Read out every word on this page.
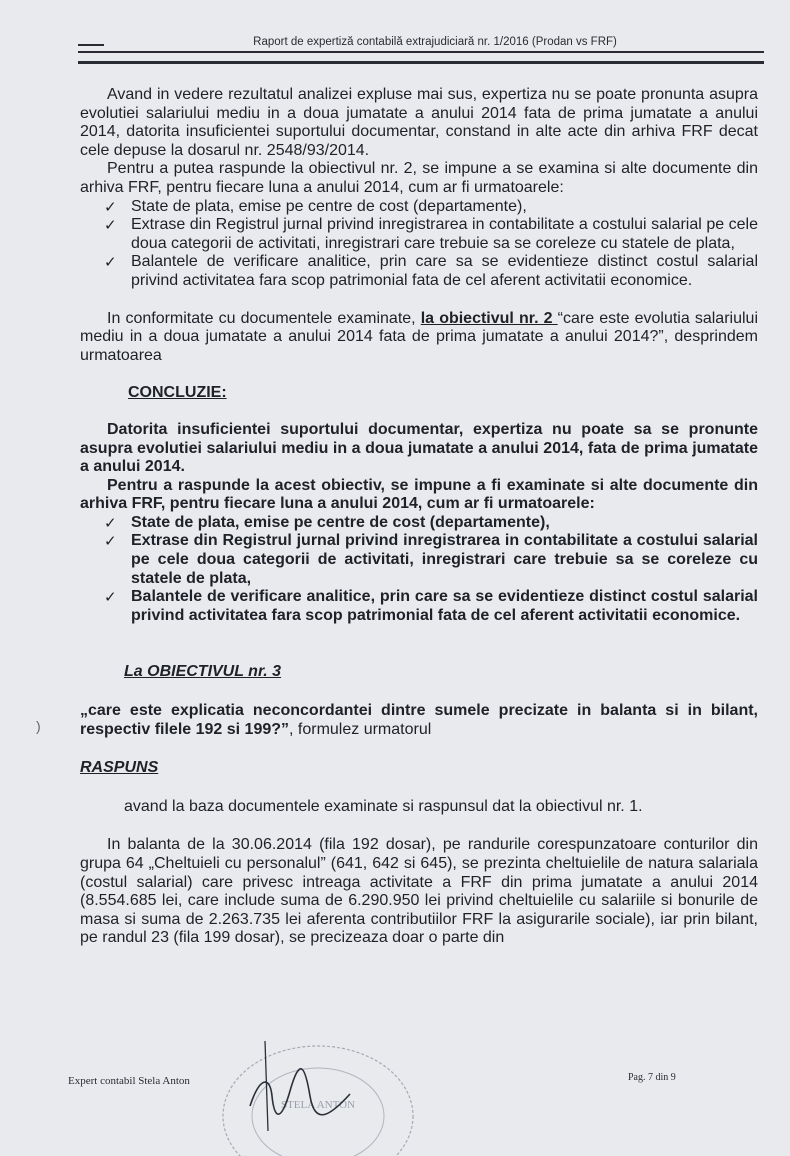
Raport de expertiză contabilă extrajudiciară nr. 1/2016 (Prodan vs FRF)
)

Avand in vedere rezultatul analizei expluse mai sus, expertiza nu se poate pronunta asupra evolutiei salariului mediu in a doua jumatate a anului 2014 fata de prima jumatate a anului 2014, datorita insuficientei suportului documentar, constand in alte acte din arhiva FRF decat cele depuse la dosarul nr. 2548/93/2014.

Pentru a putea raspunde la obiectivul nr. 2, se impune a se examina si alte documente din arhiva FRF, pentru fiecare luna a anului 2014, cum ar fi urmatoarele:

✓ State de plata, emise pe centre de cost (departamente),
✓ Extrase din Registrul jurnal privind inregistrarea in contabilitate a costului salarial pe cele doua categorii de activitati, inregistrari care trebuie sa se coreleze cu statele de plata,
✓ Balantele de verificare analitice, prin care sa se evidentieze distinct costul salarial privind activitatea fara scop patrimonial fata de cel aferent activitatii economice.

In conformitate cu documentele examinate, la obiectivul nr. 2 “care este evolutia salariului mediu in a doua jumatate a anului 2014 fata de prima jumatate a anului 2014?”, desprindem urmatoarea

CONCLUZIE:

Datorita insuficientei suportului documentar, expertiza nu poate sa se pronunte asupra evolutiei salariului mediu in a doua jumatate a anului 2014, fata de prima jumatate a anului 2014.

Pentru a raspunde la acest obiectiv, se impune a fi examinate si alte documente din arhiva FRF, pentru fiecare luna a anului 2014, cum ar fi urmatoarele:

✓ State de plata, emise pe centre de cost (departamente),
✓ Extrase din Registrul jurnal privind inregistrarea in contabilitate a costului salarial pe cele doua categorii de activitati, inregistrari care trebuie sa se coreleze cu statele de plata,
✓ Balantele de verificare analitice, prin care sa se evidentieze distinct costul salarial privind activitatea fara scop patrimonial fata de cel aferent activitatii economice.

La OBIECTIVUL nr. 3

„care este explicatia neconcordantei dintre sumele precizate in balanta si in bilant, respectiv filele 192 si 199?”, formulez urmatorul

RASPUNS

avand la baza documentele examinate si raspunsul dat la obiectivul nr. 1.

In balanta de la 30.06.2014 (fila 192 dosar), pe randurile corespunzatoare conturilor din grupa 64 „Cheltuieli cu personalul” (641, 642 si 645), se prezinta cheltuielile de natura salariala (costul salarial) care privesc intreaga activitate a FRF din prima jumatate a anului 2014 (8.554.685 lei, care include suma de 6.290.950 lei privind cheltuielile cu salariile si bonurile de masa si suma de 2.263.735 lei aferenta contributiilor FRF la asigurarile sociale), iar prin bilant, pe randul 23 (fila 199 dosar), se precizeaza doar o parte din

Expert contabil Stela Anton	Pag. 7 din 9
STELA ANTON
